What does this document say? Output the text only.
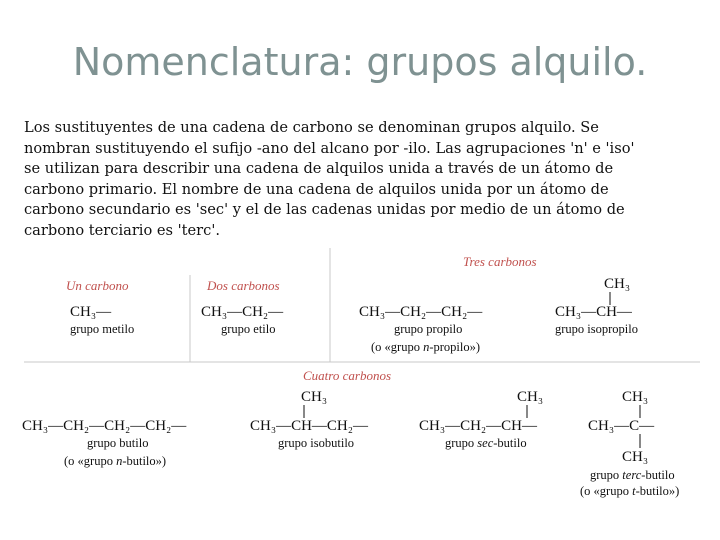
Nomenclatura: grupos alquilo.
Los sustituyentes de una cadena de carbono se denominan grupos alquilo. Se
nombran sustituyendo el sufijo -ano del alcano por -ilo. Las agrupaciones 'n' e 'iso'
se utilizan para describir una cadena de alquilos unida a través de un átomo de
carbono primario. El nombre de una cadena de alquilos unida por un átomo de
carbono secundario es 'sec' y el de las cadenas unidas por medio de un átomo de
carbono terciario es 'terc'.
Un carbono	Dos carbonos
Tres carbonos
Cuatro carbonos
CH₃—	CH₃—CH₂—	CH₃—CH₂—CH₂—
CH₃
CH₃—CH—
grupo metilo	grupo etilo	grupo propilo
(o «grupo n-propilo»)
grupo isopropilo
CH₃—CH₂—CH₂—CH₂—
CH₃
CH₃—CH—CH₂—
CH₃
CH₃—CH₂—CH—
CH₃
CH₃—C—
CH₃
grupo butilo
(o «grupo n-butilo»)
grupo isobutilo	grupo sec-butilo
grupo terc-butilo
(o «grupo t-butilo»)
